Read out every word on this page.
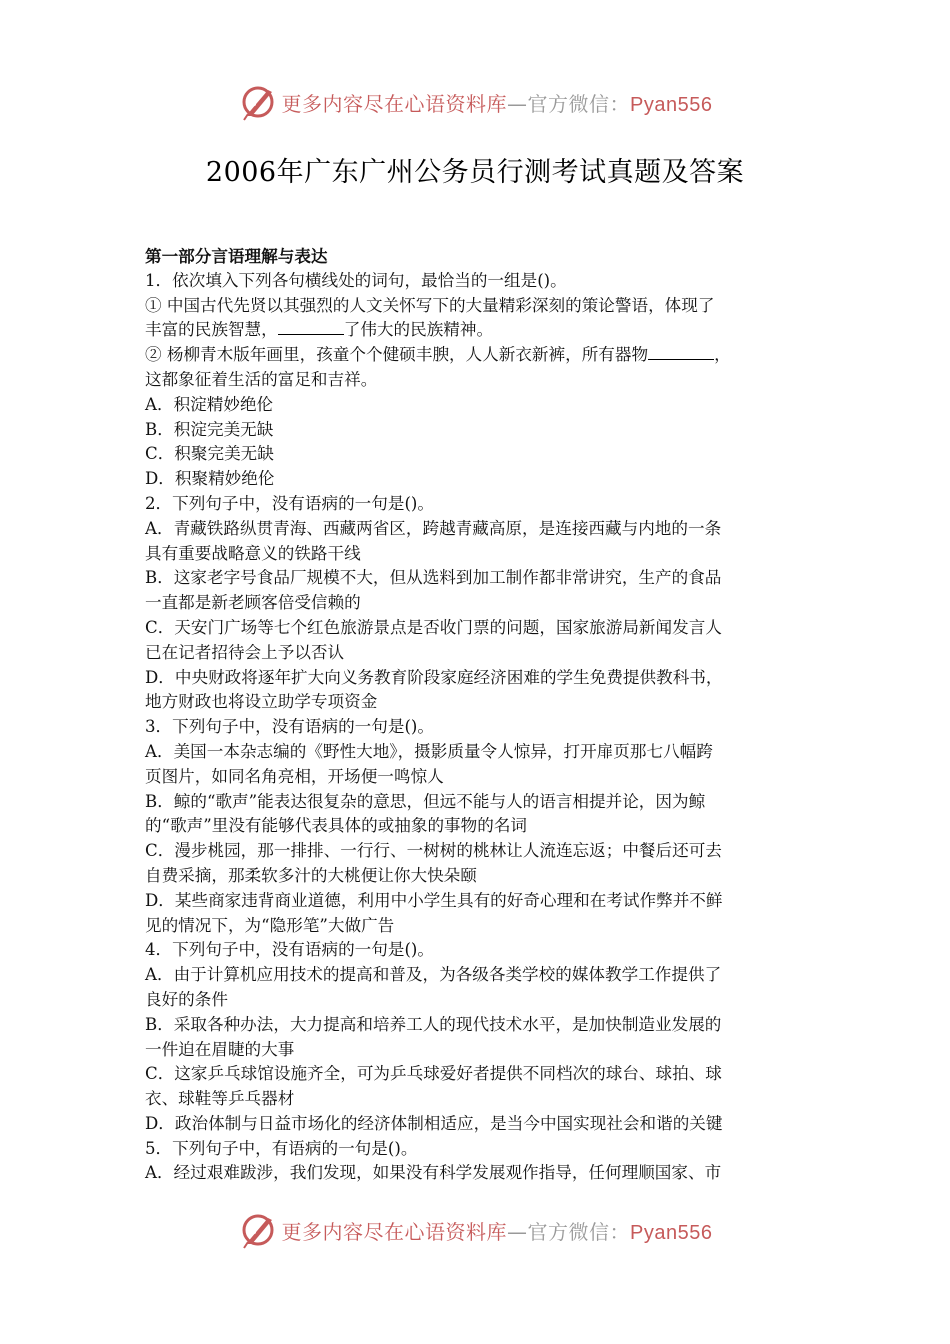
更多内容尽在心语资料库—官方微信：Pyan556
2006年广东广州公务员行测考试真题及答案

第一部分言语理解与表达

1．依次填入下列各句横线处的词句，最恰当的一组是()。

① 中国古代先贤以其强烈的人文关怀写下的大量精彩深刻的策论警语，体现了

丰富的民族智慧，	了伟大的民族精神。

② 杨柳青木版年画里，孩童个个健硕丰腴，人人新衣新裤，所有器物	，

这都象征着生活的富足和吉祥。

A．积淀精妙绝伦

B．积淀完美无缺

C．积聚完美无缺

D．积聚精妙绝伦

2．下列句子中，没有语病的一句是()。

A．青藏铁路纵贯青海、西藏两省区，跨越青藏高原，是连接西藏与内地的一条

具有重要战略意义的铁路干线

B．这家老字号食品厂规模不大，但从选料到加工制作都非常讲究，生产的食品

一直都是新老顾客倍受信赖的

C．天安门广场等七个红色旅游景点是否收门票的问题，国家旅游局新闻发言人

已在记者招待会上予以否认

D．中央财政将逐年扩大向义务教育阶段家庭经济困难的学生免费提供教科书，

地方财政也将设立助学专项资金

3．下列句子中，没有语病的一句是()。

A．美国一本杂志编的《野性大地》，摄影质量令人惊异，打开扉页那七八幅跨

页图片，如同名角亮相，开场便一鸣惊人

B．鲸的“歌声”能表达很复杂的意思，但远不能与人的语言相提并论，因为鲸

的“歌声”里没有能够代表具体的或抽象的事物的名词

C．漫步桃园，那一排排、一行行、一树树的桃林让人流连忘返；中餐后还可去

自费采摘，那柔软多汁的大桃便让你大快朵颐

D．某些商家违背商业道德，利用中小学生具有的好奇心理和在考试作弊并不鲜

见的情况下，为“隐形笔”大做广告

4．下列句子中，没有语病的一句是()。

A．由于计算机应用技术的提高和普及，为各级各类学校的媒体教学工作提供了

良好的条件

B．采取各种办法，大力提高和培养工人的现代技术水平，是加快制造业发展的

一件迫在眉睫的大事

C．这家乒乓球馆设施齐全，可为乒乓球爱好者提供不同档次的球台、球拍、球

衣、球鞋等乒乓器材

D．政治体制与日益市场化的经济体制相适应，是当今中国实现社会和谐的关键

5．下列句子中，有语病的一句是()。

A．经过艰难跋涉，我们发现，如果没有科学发展观作指导，任何理顺国家、市

更多内容尽在心语资料库—官方微信：Pyan556
